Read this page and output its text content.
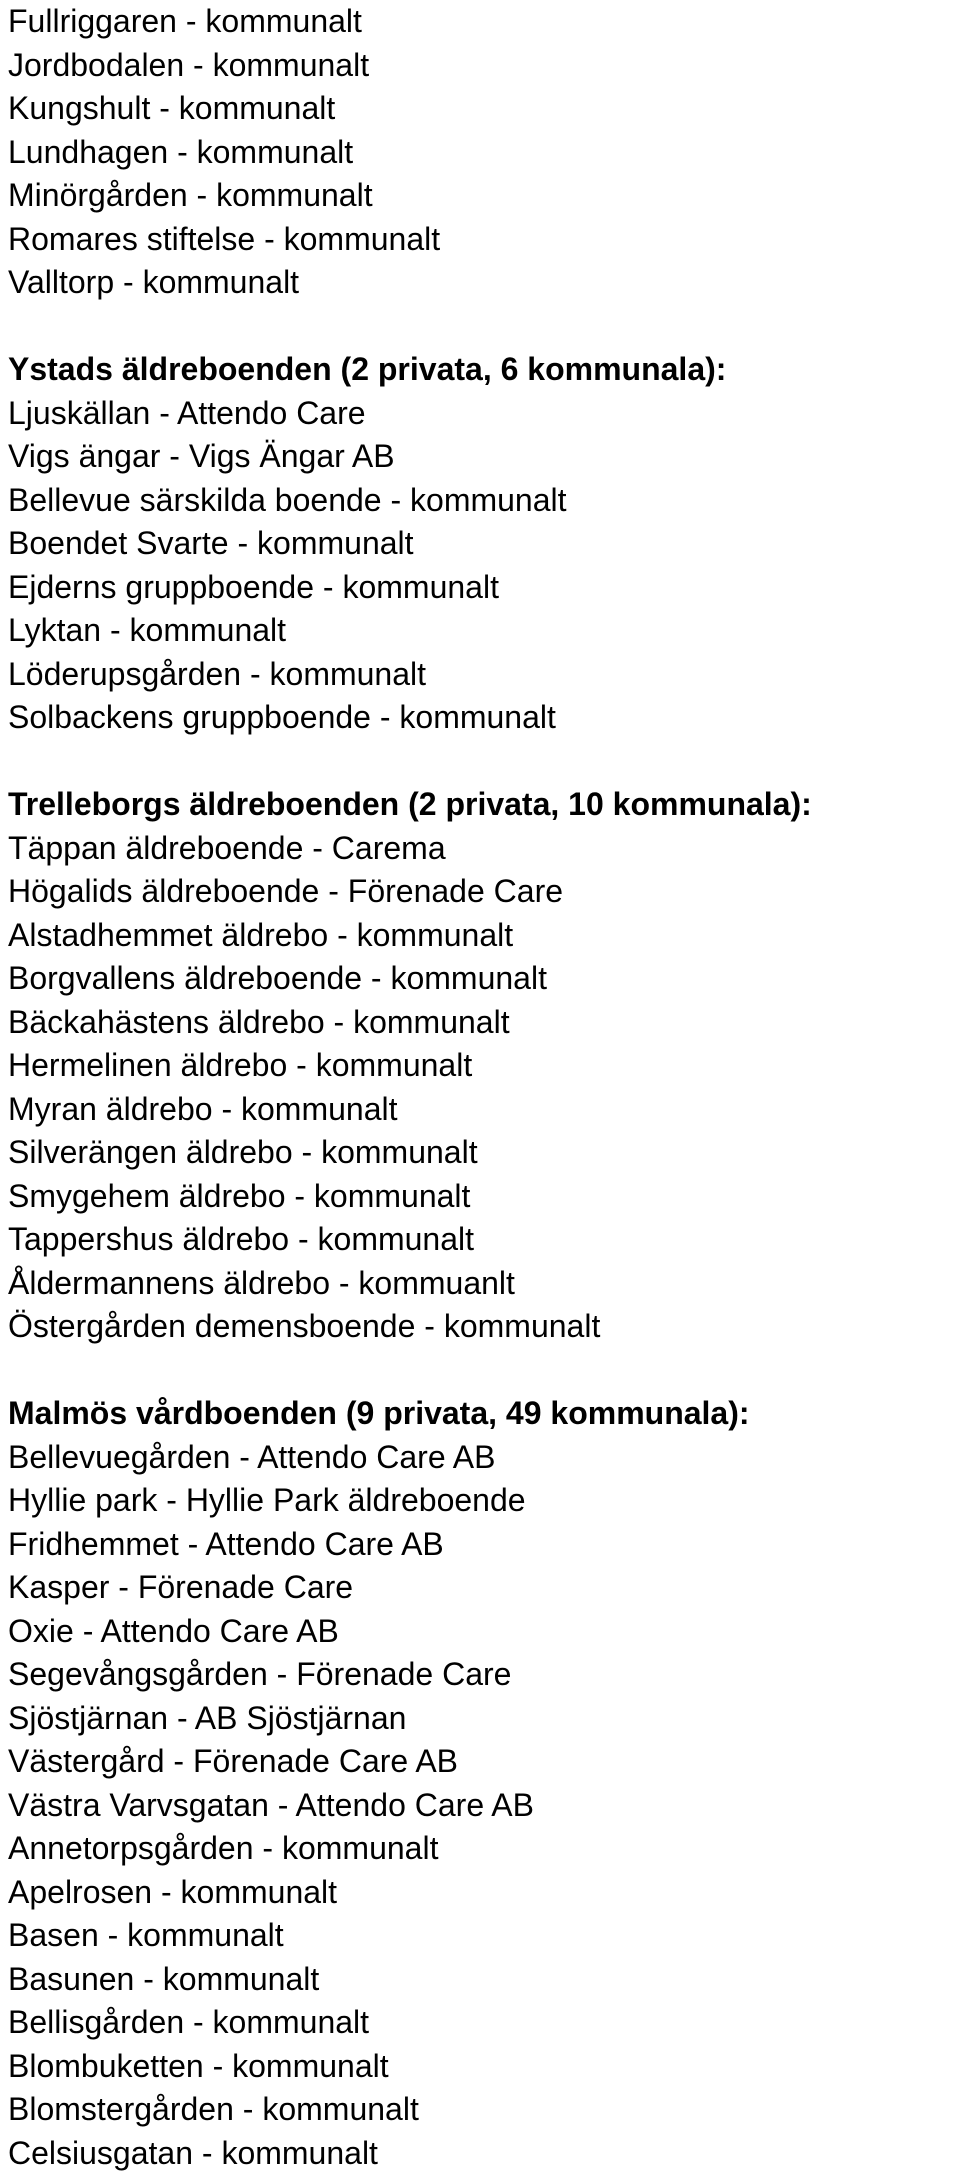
Fullriggaren - kommunalt
Jordbodalen - kommunalt
Kungshult - kommunalt
Lundhagen - kommunalt
Minörgården - kommunalt
Romares stiftelse - kommunalt
Valltorp - kommunalt
Ystads äldreboenden (2 privata, 6 kommunala):
Ljuskällan - Attendo Care
Vigs ängar - Vigs Ängar AB
Bellevue särskilda boende - kommunalt
Boendet Svarte - kommunalt
Ejderns gruppboende - kommunalt
Lyktan - kommunalt
Löderupsgården - kommunalt
Solbackens gruppboende - kommunalt
Trelleborgs äldreboenden (2 privata, 10 kommunala):
Täppan äldreboende - Carema
Högalids äldreboende - Förenade Care
Alstadhemmet äldrebo - kommunalt
Borgvallens äldreboende - kommunalt
Bäckahästens äldrebo - kommunalt
Hermelinen äldrebo - kommunalt
Myran äldrebo - kommunalt
Silverängen äldrebo - kommunalt
Smygehem äldrebo - kommunalt
Tappershus äldrebo - kommunalt
Åldermannens äldrebo - kommuanlt
Östergården demensboende - kommunalt
Malmös vårdboenden (9 privata, 49 kommunala):
Bellevuegården - Attendo Care AB
Hyllie park - Hyllie Park äldreboende
Fridhemmet - Attendo Care AB
Kasper - Förenade Care
Oxie - Attendo Care AB
Segevångsgården - Förenade Care
Sjöstjärnan - AB Sjöstjärnan
Västergård - Förenade Care AB
Västra Varvsgatan - Attendo Care AB
Annetorpsgården - kommunalt
Apelrosen - kommunalt
Basen - kommunalt
Basunen - kommunalt
Bellisgården - kommunalt
Blombuketten - kommunalt
Blomstergården - kommunalt
Celsiusgatan - kommunalt
